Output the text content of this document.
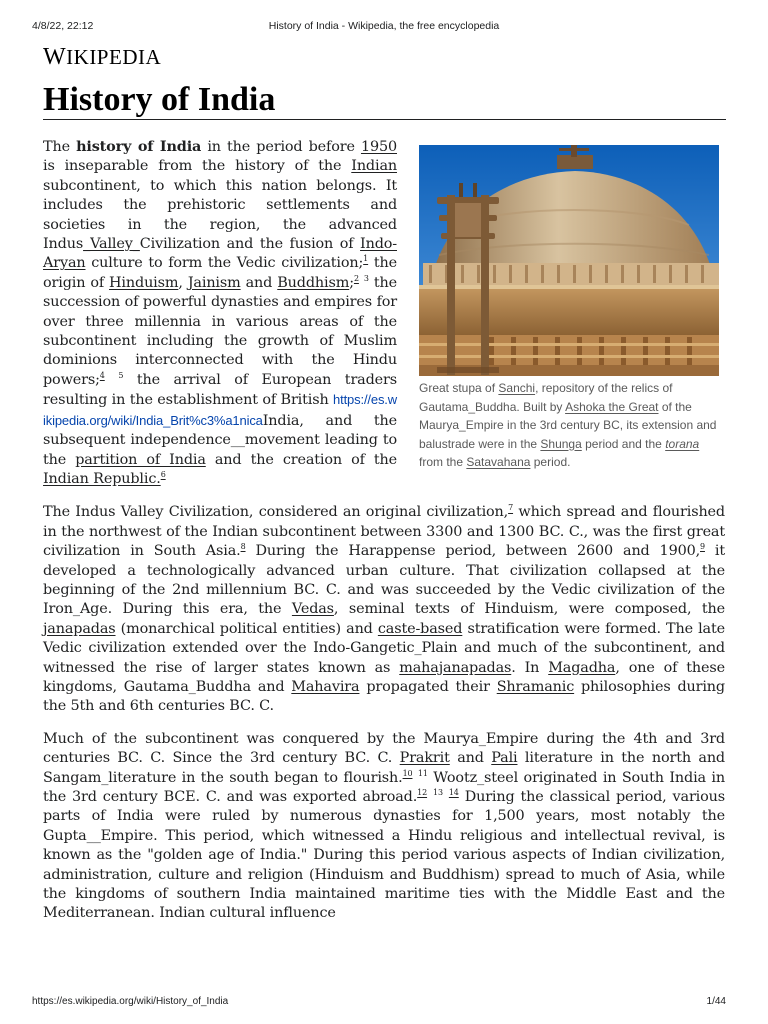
4/8/22, 22:12	History of India - Wikipedia, the free encyclopedia
WIKIPEDIA
History of India
Great stupa of Sanchi, repository of the relics of Gautama_Buddha. Built by Ashoka the Great of the Maurya_Empire in the 3rd century BC, its extension and balustrade were in the Shunga period and the torana from the Satavahana period.

The history of India in the period before 1950 is inseparable from the history of the Indian subcontinent, to which this nation belongs. It includes the prehistoric settlements and societies in the region, the advanced Indus_Valley_Civilization and the fusion of Indo-Aryan culture to form the Vedic civilization;$^1$ the origin of Hinduism, Jainism and Buddhism;$^2$ $^3$ the succession of powerful dynasties and empires for over three millennia in various areas of the subcontinent including the growth of Muslim dominions interconnected with the Hindu powers;$^4$ $^5$ the arrival of European traders resulting in the establishment of British https://es.wikipedia.org/wiki/India_Brit%c3%a1nicaIndia, and the subsequent independence__movement leading to the partition of India and the creation of the Indian Republic.$^6$

The Indus Valley Civilization, considered an original civilization,$^7$ which spread and flourished in the northwest of the Indian subcontinent between 3300 and 1300 BC. C., was the first great civilization in South Asia.$^8$ During the Harappense period, between 2600 and 1900,$^9$ it developed a technologically advanced urban culture. That civilization collapsed at the beginning of the 2nd millennium BC. C. and was succeeded by the Vedic civilization of the Iron_Age. During this era, the Vedas, seminal texts of Hinduism, were composed, the janapadas (monarchical political entities) and caste-based stratification were formed. The late Vedic civilization extended over the Indo-Gangetic_Plain and much of the subcontinent, and witnessed the rise of larger states known as mahajanapadas. In Magadha, one of these kingdoms, Gautama_Buddha and Mahavira propagated their Shramanic philosophies during the 5th and 6th centuries BC. C.

Much of the subcontinent was conquered by the Maurya_Empire during the 4th and 3rd centuries BC. C. Since the 3rd century BC. C. Prakrit and Pali literature in the north and Sangam_literature in the south began to flourish.$^{10}$ $^{11}$ Wootz_steel originated in South India in the 3rd century BCE. C. and was exported abroad.$^{12}$ $^{13}$ $^{14}$ During the classical period, various parts of India were ruled by numerous dynasties for 1,500 years, most notably the Gupta__Empire. This period, which witnessed a Hindu religious and intellectual revival, is known as the "golden age of India." During this period various aspects of Indian civilization, administration, culture and religion (Hinduism and Buddhism) spread to much of Asia, while the kingdoms of southern India maintained maritime ties with the Middle East and the Mediterranean. Indian cultural influence

https://es.wikipedia.org/wiki/History_of_India	1/44
